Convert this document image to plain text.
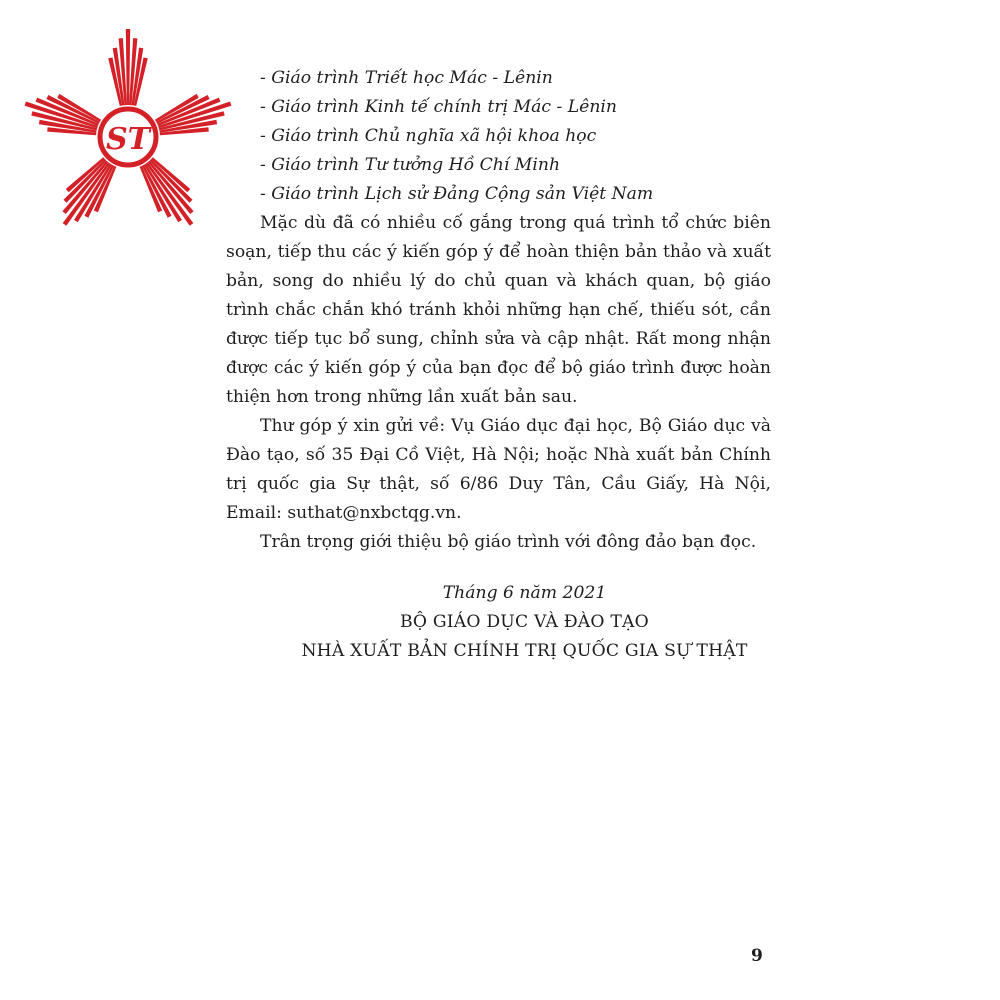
ST
- Giáo trình Triết học Mác - Lênin
- Giáo trình Kinh tế chính trị Mác - Lênin
- Giáo trình Chủ nghĩa xã hội khoa học
- Giáo trình Tư tưởng Hồ Chí Minh
- Giáo trình Lịch sử Đảng Cộng sản Việt Nam

Mặc dù đã có nhiều cố gắng trong quá trình tổ chức biên soạn, tiếp thu các ý kiến góp ý để hoàn thiện bản thảo và xuất bản, song do nhiều lý do chủ quan và khách quan, bộ giáo trình chắc chắn khó tránh khỏi những hạn chế, thiếu sót, cần được tiếp tục bổ sung, chỉnh sửa và cập nhật. Rất mong nhận được các ý kiến góp ý của bạn đọc để bộ giáo trình được hoàn thiện hơn trong những lần xuất bản sau.

Thư góp ý xin gửi về: Vụ Giáo dục đại học, Bộ Giáo dục và Đào tạo, số 35 Đại Cồ Việt, Hà Nội; hoặc Nhà xuất bản Chính trị quốc gia Sự thật, số 6/86 Duy Tân, Cầu Giấy, Hà Nội, Email: suthat@nxbctqg.vn.

Trân trọng giới thiệu bộ giáo trình với đông đảo bạn đọc.

Tháng 6 năm 2021
BỘ GIÁO DỤC VÀ ĐÀO TẠO
NHÀ XUẤT BẢN CHÍNH TRỊ QUỐC GIA SỰ THẬT
9
